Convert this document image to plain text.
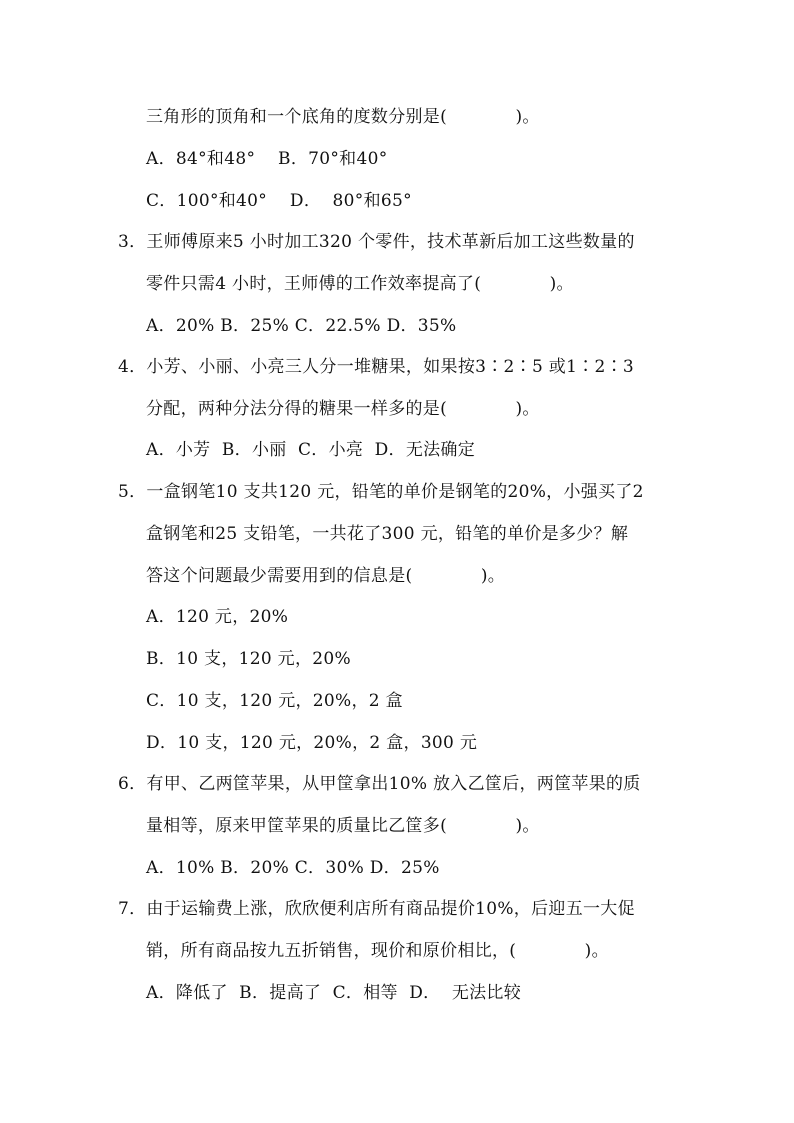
三角形的顶角和一个底角的度数分别是(            )。
A．84°和48°    B．70°和40°
C．100°和40°    D．  80°和65°
3．王师傅原来5 小时加工320 个零件，技术革新后加工这些数量的
零件只需4 小时，王师傅的工作效率提高了(            )。
A．20% B．25% C．22.5% D．35%
4．小芳、小丽、小亮三人分一堆糖果，如果按3∶2∶5 或1∶2∶3
分配，两种分法分得的糖果一样多的是(            )。
A．小芳  B．小丽  C．小亮  D．无法确定
5．一盒钢笔10 支共120 元，铅笔的单价是钢笔的20%，小强买了2
盒钢笔和25 支铅笔，一共花了300 元，铅笔的单价是多少？解
答这个问题最少需要用到的信息是(            )。
A．120 元，20%
B．10 支，120 元，20%
C．10 支，120 元，20%，2 盒
D．10 支，120 元，20%，2 盒，300 元
6．有甲、乙两筐苹果，从甲筐拿出10% 放入乙筐后，两筐苹果的质
量相等，原来甲筐苹果的质量比乙筐多(            )。
A．10% B．20% C．30% D．25%
7．由于运输费上涨，欣欣便利店所有商品提价10%，后迎五一大促
销，所有商品按九五折销售，现价和原价相比，(            )。
A．降低了  B．提高了  C．相等  D．  无法比较
